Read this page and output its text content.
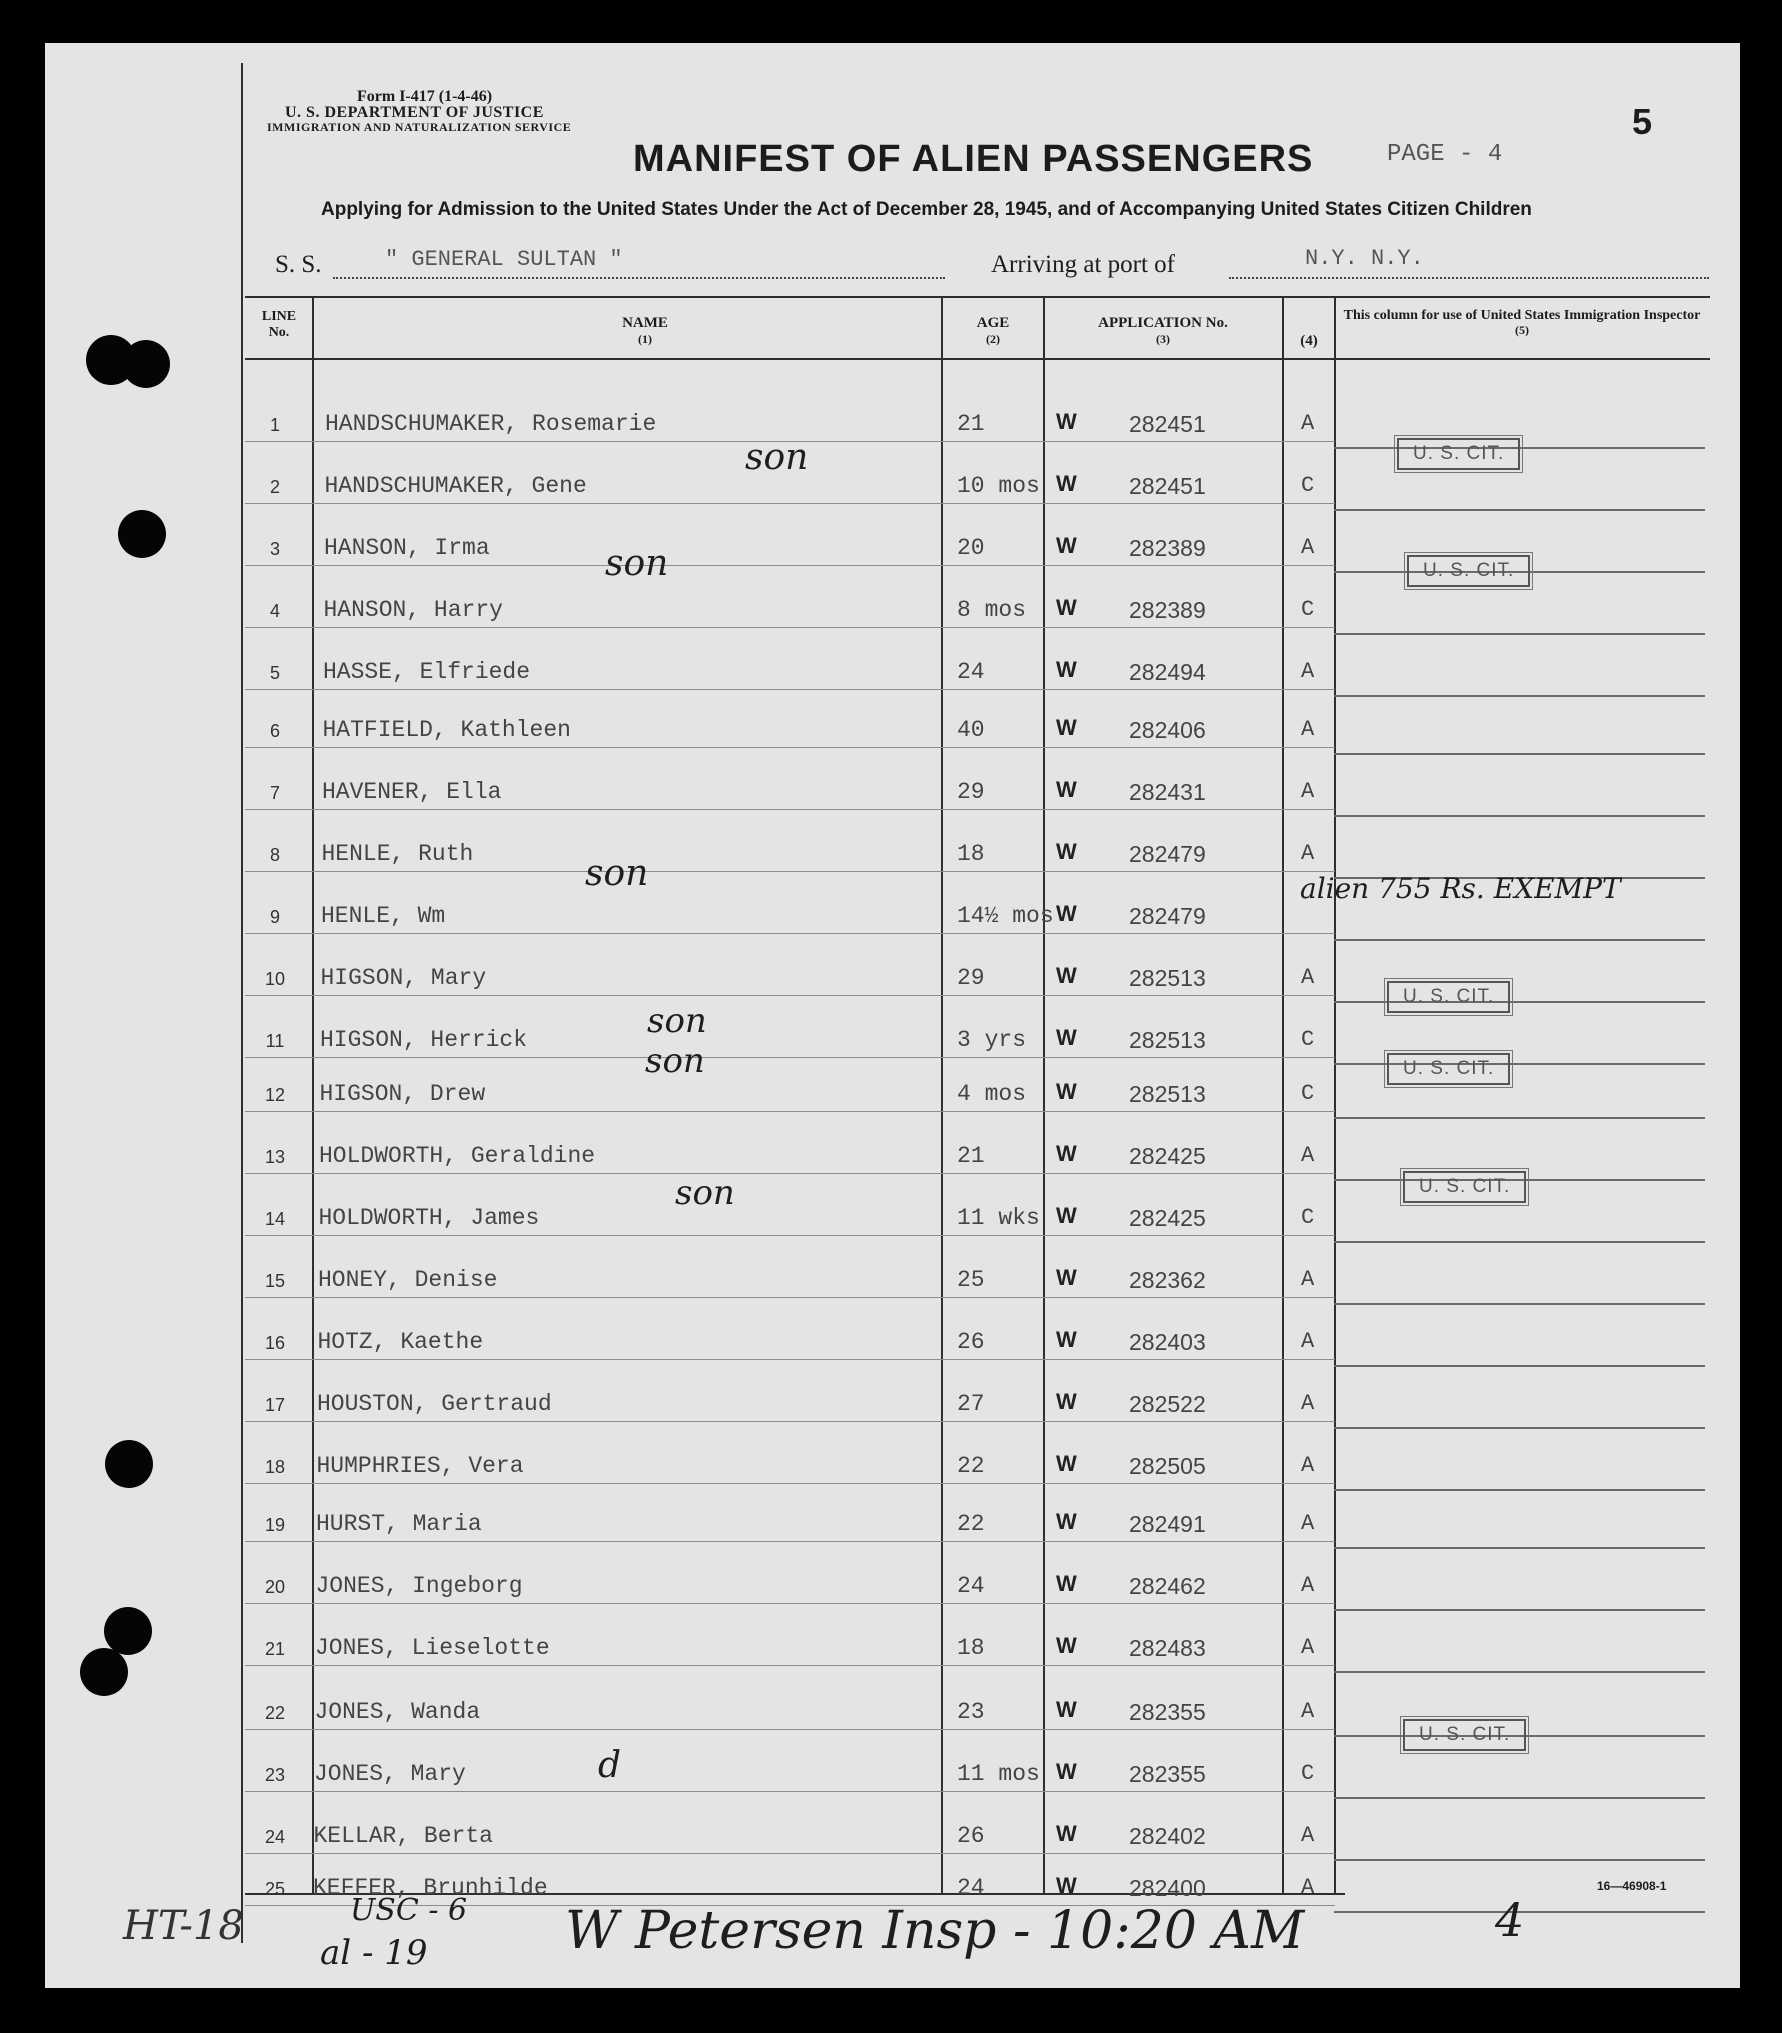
Form I-417 (1-4-46)
U. S. DEPARTMENT OF JUSTICE
IMMIGRATION AND NATURALIZATION SERVICE
MANIFEST OF ALIEN PASSENGERS	PAGE - 4
5
Applying for Admission to the United States Under the Act of December 28, 1945, and of Accompanying United States Citizen Children
S. S.	" GENERAL SULTAN "	Arriving at port of	N.Y. N.Y.
LINE No.
NAME
(1)
AGE
(2)
APPLICATION No.
(3)	(4)
This column for use of United States Immigration Inspector
(5)
1	HANDSCHUMAKER, Rosemarie	21	W 282451	A
2	HANDSCHUMAKER, Gene	10 mos W 282451	C
U. S. CIT.
3	HANSON, Irma	20	W 282389	A
4	HANSON, Harry	8 mos W 282389	C
U. S. CIT.
5	HASSE, Elfriede	24	W 282494	A
6	HATFIELD, Kathleen	40	W 282406	A
7	HAVENER, Ella	29	W 282431	A
8	HENLE, Ruth	18	W 282479	A
9	HENLE, Wm	14½ mos W 282479
10	HIGSON, Mary	29	W 282513	A
11	HIGSON, Herrick	3 yrs W 282513	C
U. S. CIT.
12	HIGSON, Drew	4 mos W 282513	C
U. S. CIT.
13	HOLDWORTH, Geraldine	21	W 282425	A
14	HOLDWORTH, James	11 wks W 282425	C
U. S. CIT.
15	HONEY, Denise	25	W 282362	A
16	HOTZ, Kaethe	26	W 282403	A
17	HOUSTON, Gertraud	27	W 282522	A
18	HUMPHRIES, Vera	22	W 282505	A
19	HURST, Maria	22	W 282491	A
20	JONES, Ingeborg	24	W 282462	A
21	JONES, Lieselotte	18	W 282483	A
22	JONES, Wanda	23	W 282355	A
23	JONES, Mary	11 mos W 282355	C
U. S. CIT.
24	KELLAR, Berta	26	W 282402	A
25	KEFFER, Brunhilde	24	W 282400	A
son
son
son
son
son
son
d
alien 755 Rs. EXEMPT
HT-18	USC - 6
al - 19	W Petersen Insp - 10:20 AM	4
16—46908-1
